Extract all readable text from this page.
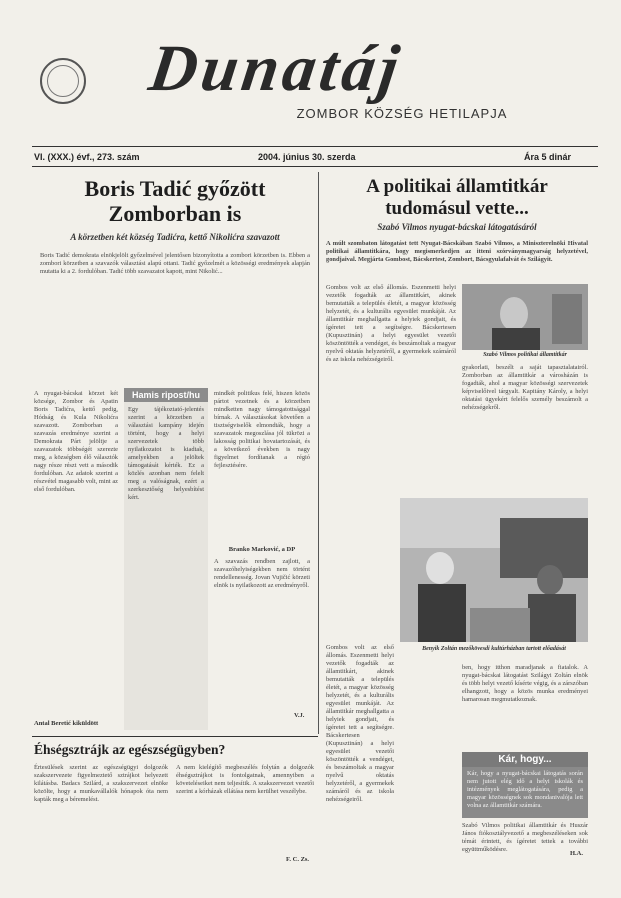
Dunatáj
ZOMBOR KÖZSÉG HETILAPJA
VI. (XXX.) évf., 273. szám	2004. június 30. szerda	Ára 5 dinár
Boris Tadić győzött
Zomborban is
A körzetben két község Tadićra, kettő Nikolićra szavazott
Boris Tadić demokrata elnökjelölt győzelmével jelentősen bizonyította a zombori körzetben is. Ebben a zombori körzetben a szavazók választási alapú ottani. Tadić győzelmét a közösségi eredmények alapján mutatta ki a 2. fordulóban. Tadić több szavazatot kapott, mint Nikolić...
A nyugat-bácskai körzet két községe, Zombor és Apatin Boris Tadićra, kettő pedig, Hódság és Kula Nikolićra szavazott. Zomborban a szavazás eredménye szerint a Demokrata Párt jelöltje a szavazatok többségét szerezte meg, a községben élő választók nagy része részt vett a második fordulóban. Az adatok szerint a részvétel magasabb volt, mint az első fordulóban.
Antal Beretić kiküldött
Hamis ripost/hu
Egy tájékoztató-jelentés szerint a körzetben a választási kampány idején történt, hogy a helyi szervezetek több nyilatkozatot is kiadtak, amelyekben a jelöltek támogatását kérték. Ez a közlés azonban nem felelt meg a valóságnak, ezért a szerkesztőség helyesbítést kért.
mindkét politikus felé, hiszen közös pártot vezetnek és a körzetben mindketten nagy támogatottsággal bírnak. A választásokat követően a tisztségviselők elmondták, hogy a szavazatok megoszlása jól tükrözi a lakosság politikai hovatartozását, és a következő években is nagy figyelmet fordítanak a régió fejlesztésére.
Branko Marković, a DP
A szavazás rendben zajlott, a szavazóhelyiségekben nem történt rendellenesség. Jovan Vujičić körzeti elnök is nyilatkozott az eredményről.
V.J.
A politikai államtitkár
tudomásul vette...
Szabó Vilmos nyugat-bácskai látogatásáról
A múlt szombaton látogatást tett Nyugat-Bácskában Szabó Vilmos, a Miniszterelnöki Hivatal politikai államtitkára, hogy megismerkedjen az itteni szórványmagyarság helyzetével, gondjaival. Megjárta Gombost, Bácskertest, Zombort, Bácsgyulafalvát és Szilágyit.
Gombos volt az első állomás. Eszenmetti helyi vezetők fogadták az államtitkárt, akinek bemutatták a település életét, a magyar közösség helyzetét, és a kulturális egyesület munkáját. Az államtitkár meghallgatta a helyiek gondjait, és ígéretet tett a segítségre. Bácskertesen (Kupusztinán) a helyi egyesület vezetői köszöntötték a vendéget, és beszámoltak a magyar nyelvű oktatás helyzetéről, a gyermekek számáról és az iskola nehézségeiről.
Szabó Vilmos politikai államtitkár
gyakorlati, beszélt a saját tapasztalatairól. Zomborban az államtitkár a városházán is fogadták, ahol a magyar közösségi szervezetek képviselőivel tárgyalt. Kapitány Károly, a helyi oktatási ügyekért felelős személy beszámolt a nehézségekről.
Benyik Zoltán mezőkövesdi kultúrházban tartott előadását
Gombos volt az első állomás. Eszenmetti helyi vezetők fogadták az államtitkárt, akinek bemutatták a település életét, a magyar közösség helyzetét, és a kulturális egyesület munkáját. Az államtitkár meghallgatta a helyiek gondjait, és ígéretet tett a segítségre. Bácskertesen (Kupusztinán) a helyi egyesület vezetői köszöntötték a vendéget, és beszámoltak a magyar nyelvű oktatás helyzetéről, a gyermekek számáról és az iskola nehézségeiről.
ben, hogy itthon maradjanak a fiatalok. A nyugat-bácskai látogatást Szilágyi Zoltán elnök és több helyi vezető kísérte végig, és a zárszóban elhangzott, hogy a közös munka eredményei hamarosan megmutatkoznak.
Kár, hogy...
Kár, hogy a nyugat-bácskai látogatás során nem jutott elég idő a helyi iskolák és intézmények meglátogatására, pedig a magyar közösségnek sok mondanivalója lett volna az államtitkár számára.
Szabó Vilmos politikai államtitkár és Huszár János fiókosztályvezető a megbeszéléseken sok témát érintett, és ígéretet tettek a további együttműködésre.
H.A.
Éhségsztrájk az egészségügyben?
Értesülések szerint az egészségügyi dolgozók szakszervezete figyelmeztető sztrájkot helyezett kilátásba. Badacs Szilárd, a szakszervezet elnöke közölte, hogy a munkavállalók hónapok óta nem kapták meg a béremelést.
A nem kielégítő megbeszélés folytán a dolgozók éhségsztrájkot is fontolgatnak, amennyiben a követeléseiket nem teljesítik. A szakszervezet vezetői szerint a kórházak ellátása nem kerülhet veszélybe.
F. C. Zs.
